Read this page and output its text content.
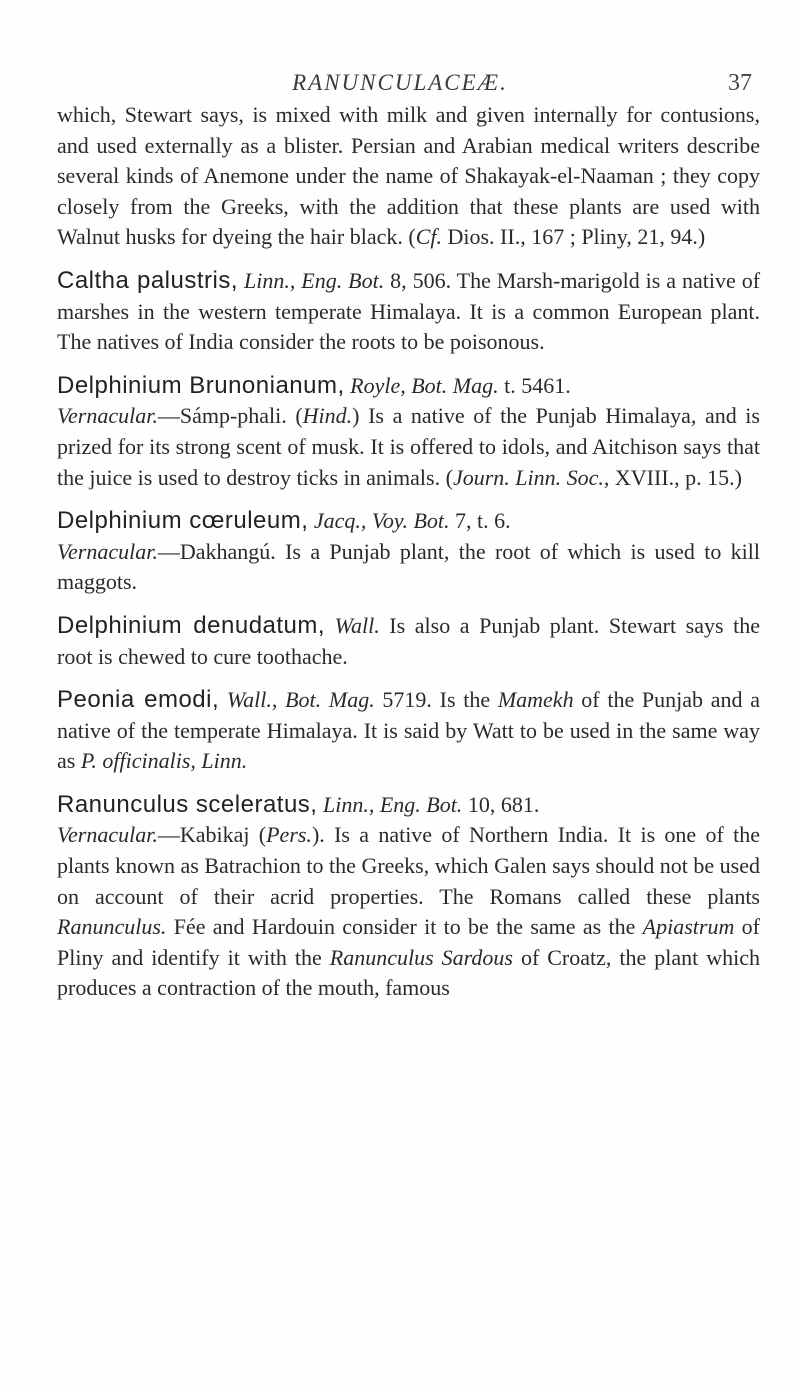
RANUNCULACEÆ.	37

which, Stewart says, is mixed with milk and given internally for contusions, and used externally as a blister. Persian and Arabian medical writers describe several kinds of Anemone under the name of Shakayak-el-Naaman ; they copy closely from the Greeks, with the addition that these plants are used with Walnut husks for dyeing the hair black. (Cf. Dios. II., 167 ; Pliny, 21, 94.)

Caltha palustris, Linn., Eng. Bot. 8, 506. The Marsh-marigold is a native of marshes in the western temperate Himalaya. It is a common European plant. The natives of India consider the roots to be poisonous.

Delphinium Brunonianum, Royle, Bot. Mag. t. 5461.

Vernacular.—Sámp-phali. (Hind.) Is a native of the Punjab Himalaya, and is prized for its strong scent of musk. It is offered to idols, and Aitchison says that the juice is used to destroy ticks in animals. (Journ. Linn. Soc., XVIII., p. 15.)

Delphinium cœruleum, Jacq., Voy. Bot. 7, t. 6.

Vernacular.—Dakhangú. Is a Punjab plant, the root of which is used to kill maggots.

Delphinium denudatum, Wall. Is also a Punjab plant. Stewart says the root is chewed to cure toothache.

Peonia emodi, Wall., Bot. Mag. 5719. Is the Mamekh of the Punjab and a native of the temperate Himalaya. It is said by Watt to be used in the same way as P. officinalis, Linn.

Ranunculus sceleratus, Linn., Eng. Bot. 10, 681.

Vernacular.—Kabikaj (Pers.). Is a native of Northern India. It is one of the plants known as Batrachion to the Greeks, which Galen says should not be used on account of their acrid properties. The Romans called these plants Ranunculus. Fée and Hardouin consider it to be the same as the Apiastrum of Pliny and identify it with the Ranunculus Sardous of Croatz, the plant which produces a contraction of the mouth, famous
